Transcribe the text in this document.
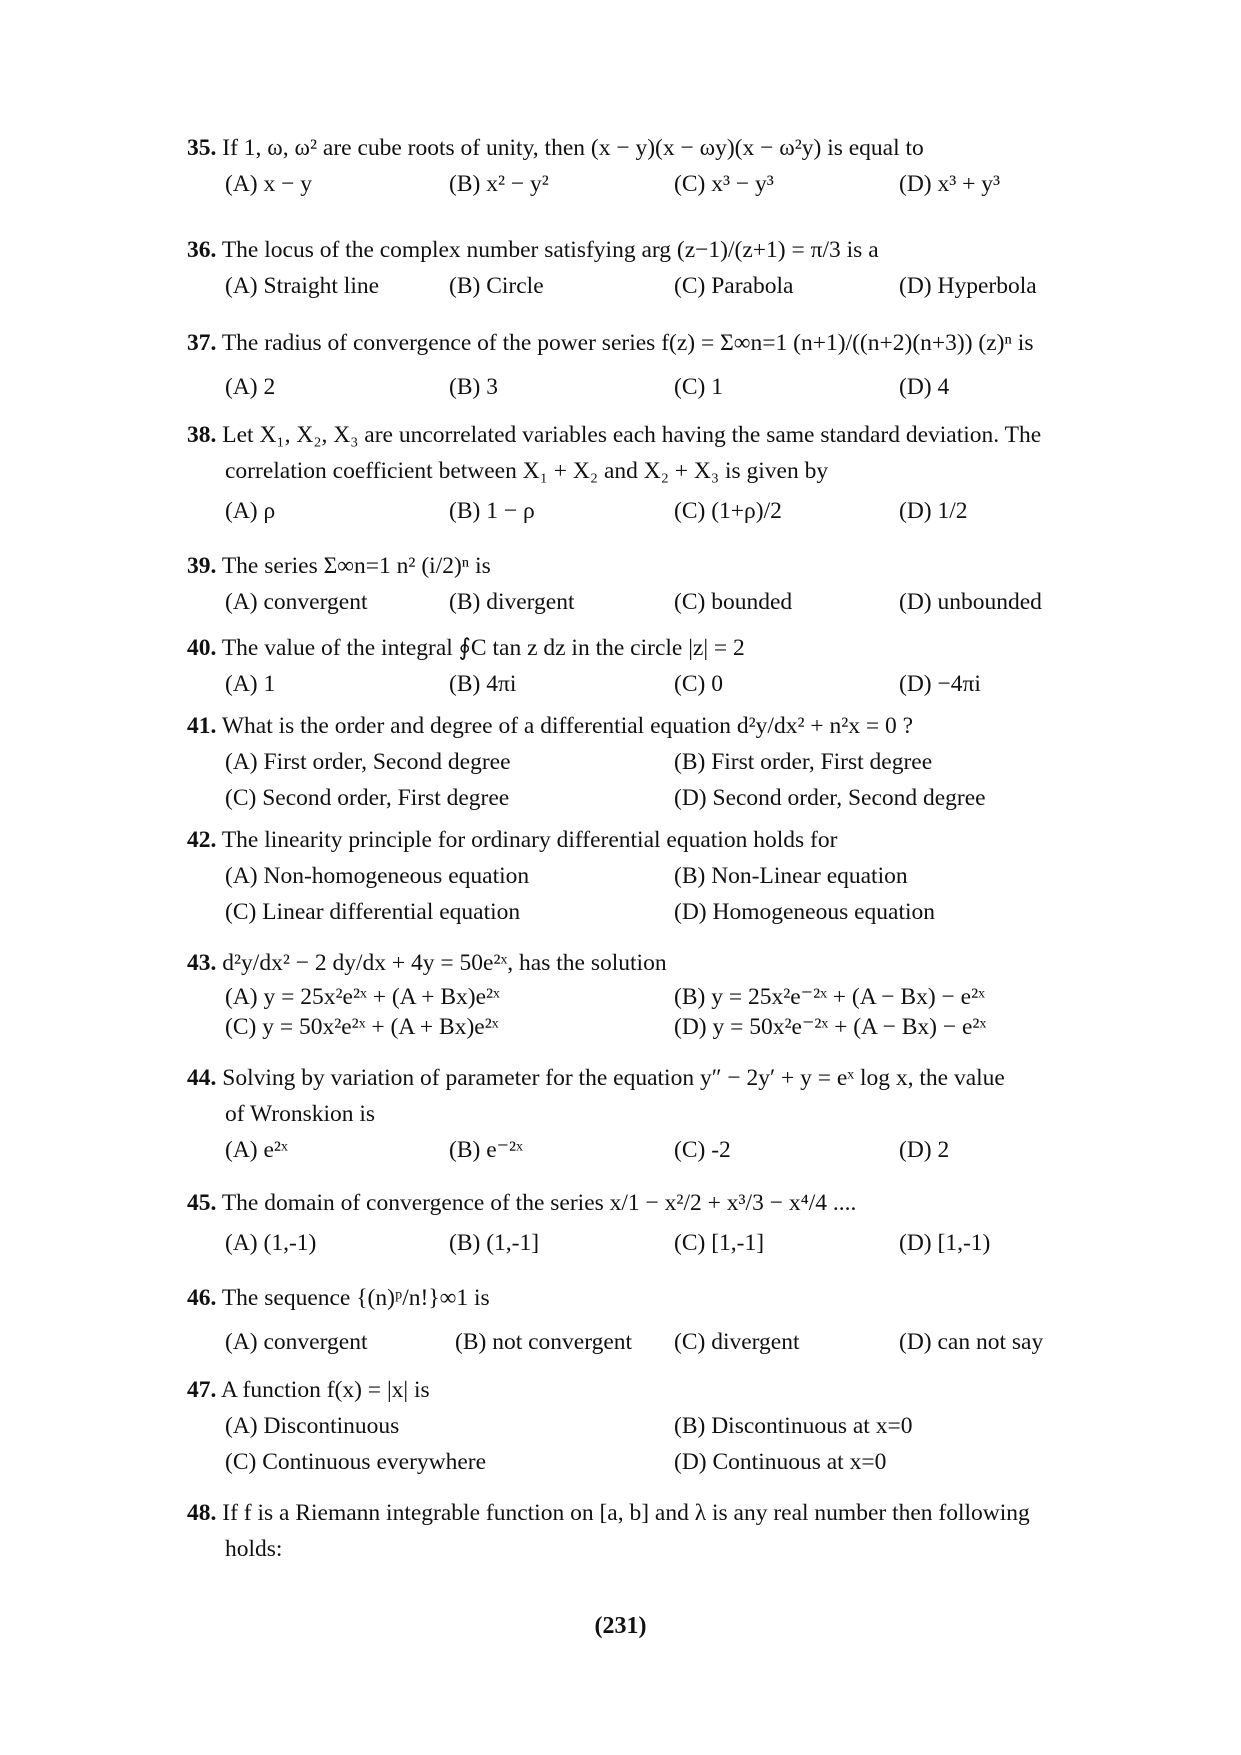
35. If 1, ω, ω² are cube roots of unity, then (x − y)(x − ωy)(x − ω²y) is equal to
(A) x − y	(B) x² − y²	(C) x³ − y³	(D) x³ + y³
36. The locus of the complex number satisfying arg (z−1)/(z+1) = π/3 is a
(A) Straight line	(B) Circle	(C) Parabola	(D) Hyperbola
37. The radius of convergence of the power series f(z) = Σ∞n=1 (n+1)/((n+2)(n+3)) (z)ⁿ is
(A) 2	(B) 3	(C) 1	(D) 4
38. Let X₁, X₂, X₃ are uncorrelated variables each having the same standard deviation. The
correlation coefficient between X₁ + X₂ and X₂ + X₃ is given by
(A) ρ	(B) 1 − ρ	(C) (1+ρ)/2	(D) 1/2
39. The series Σ∞n=1 n² (i/2)ⁿ is
(A) convergent	(B) divergent	(C) bounded	(D) unbounded
40. The value of the integral ∮C tan z dz in the circle |z| = 2
(A) 1	(B) 4πi	(C) 0	(D) −4πi
41. What is the order and degree of a differential equation d²y/dx² + n²x = 0 ?
(A) First order, Second degree	(B) First order, First degree
(C) Second order, First degree	(D) Second order, Second degree
42. The linearity principle for ordinary differential equation holds for
(A) Non-homogeneous equation	(B) Non-Linear equation
(C) Linear differential equation	(D) Homogeneous equation
43. d²y/dx² − 2 dy/dx + 4y = 50e²ˣ, has the solution
(A) y = 25x²e²ˣ + (A + Bx)e²ˣ	(B) y = 25x²e⁻²ˣ + (A − Bx) − e²ˣ
(C) y = 50x²e²ˣ + (A + Bx)e²ˣ	(D) y = 50x²e⁻²ˣ + (A − Bx) − e²ˣ
44. Solving by variation of parameter for the equation y″ − 2y′ + y = eˣ log x, the value
of Wronskion is
(A) e²ˣ	(B) e⁻²ˣ	(C) -2	(D) 2
45. The domain of convergence of the series x/1 − x²/2 + x³/3 − x⁴/4 ....
(A) (1,-1)	(B) (1,-1]	(C) [1,-1]	(D) [1,-1)
46. The sequence {(n)ᵖ/n!}∞1 is
(A) convergent	(B) not convergent	(C) divergent	(D) can not say
47. A function f(x) = |x| is
(A) Discontinuous	(B) Discontinuous at x=0
(C) Continuous everywhere	(D) Continuous at x=0
48. If f is a Riemann integrable function on [a, b] and λ is any real number then following
holds:
(231)
